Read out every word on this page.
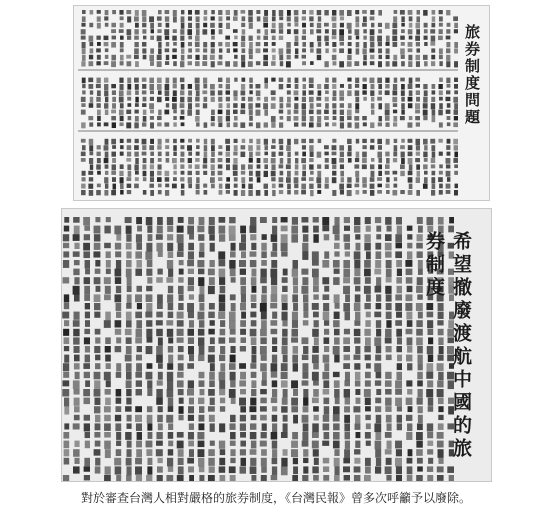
旅券制度問題
希望撤廢渡航中國的旅券制度
對於審查台灣人相對嚴格的旅券制度，《台灣民報》曾多次呼籲予以廢除。
